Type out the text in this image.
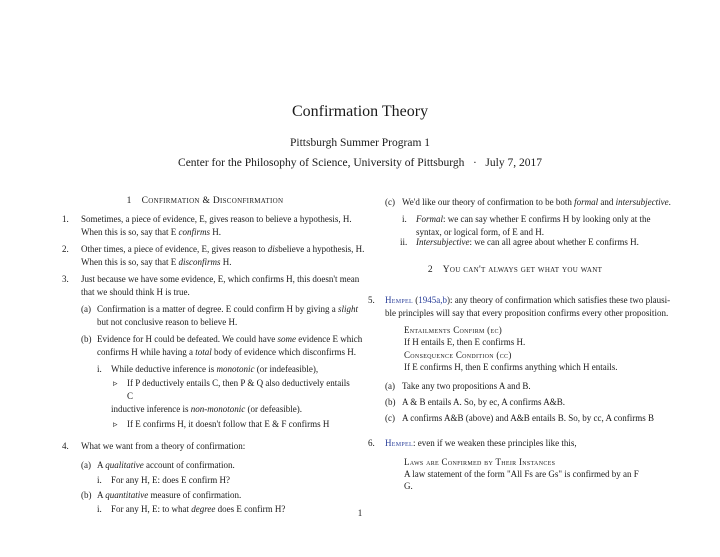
Confirmation Theory
Pittsburgh Summer Program 1
Center for the Philosophy of Science, University of Pittsburgh · July 7, 2017
1 Confirmation & Disconfirmation
1. Sometimes, a piece of evidence, E, gives reason to believe a hypothesis, H.
When this is so, say that E confirms H.
2. Other times, a piece of evidence, E, gives reason to disbelieve a hypothesis, H.
When this is so, say that E disconfirms H.
3. Just because we have some evidence, E, which confirms H, this doesn't mean
that we should think H is true.
(a) Confirmation is a matter of degree. E could confirm H by giving a slight
but not conclusive reason to believe H.
(b) Evidence for H could be defeated. We could have some evidence E which
confirms H while having a total body of evidence which disconfirms H.
i. While deductive inference is monotonic (or indefeasible),
▹ If P deductively entails C, then P & Q also deductively entails
C
inductive inference is non-monotonic (or defeasible).
▹ If E confirms H, it doesn't follow that E & F confirms H
4. What we want from a theory of confirmation:
(a) A qualitative account of confirmation.
i. For any H, E: does E confirm H?
(b) A quantitative measure of confirmation.
i. For any H, E: to what degree does E confirm H?
(c) We'd like our theory of confirmation to be both formal and intersubjective.
i. Formal: we can say whether E confirms H by looking only at the
syntax, or logical form, of E and H.
ii. Intersubjective: we can all agree about whether E confirms H.
2 You can't always get what you want
5. Hempel (1945a,b): any theory of confirmation which satisfies these two plausi-
ble principles will say that every proposition confirms every other proposition.
Entailments Confirm (ec)
If H entails E, then E confirms H.
Consequence Condition (cc)
If E confirms H, then E confirms anything which H entails.
(a) Take any two propositions A and B.
(b) A & B entails A. So, by ec, A confirms A&B.
(c) A confirms A&B (above) and A&B entails B. So, by cc, A confirms B
6. Hempel: even if we weaken these principles like this,
Laws are Confirmed by Their Instances
A law statement of the form "All Fs are Gs" is confirmed by an F
G.
1
